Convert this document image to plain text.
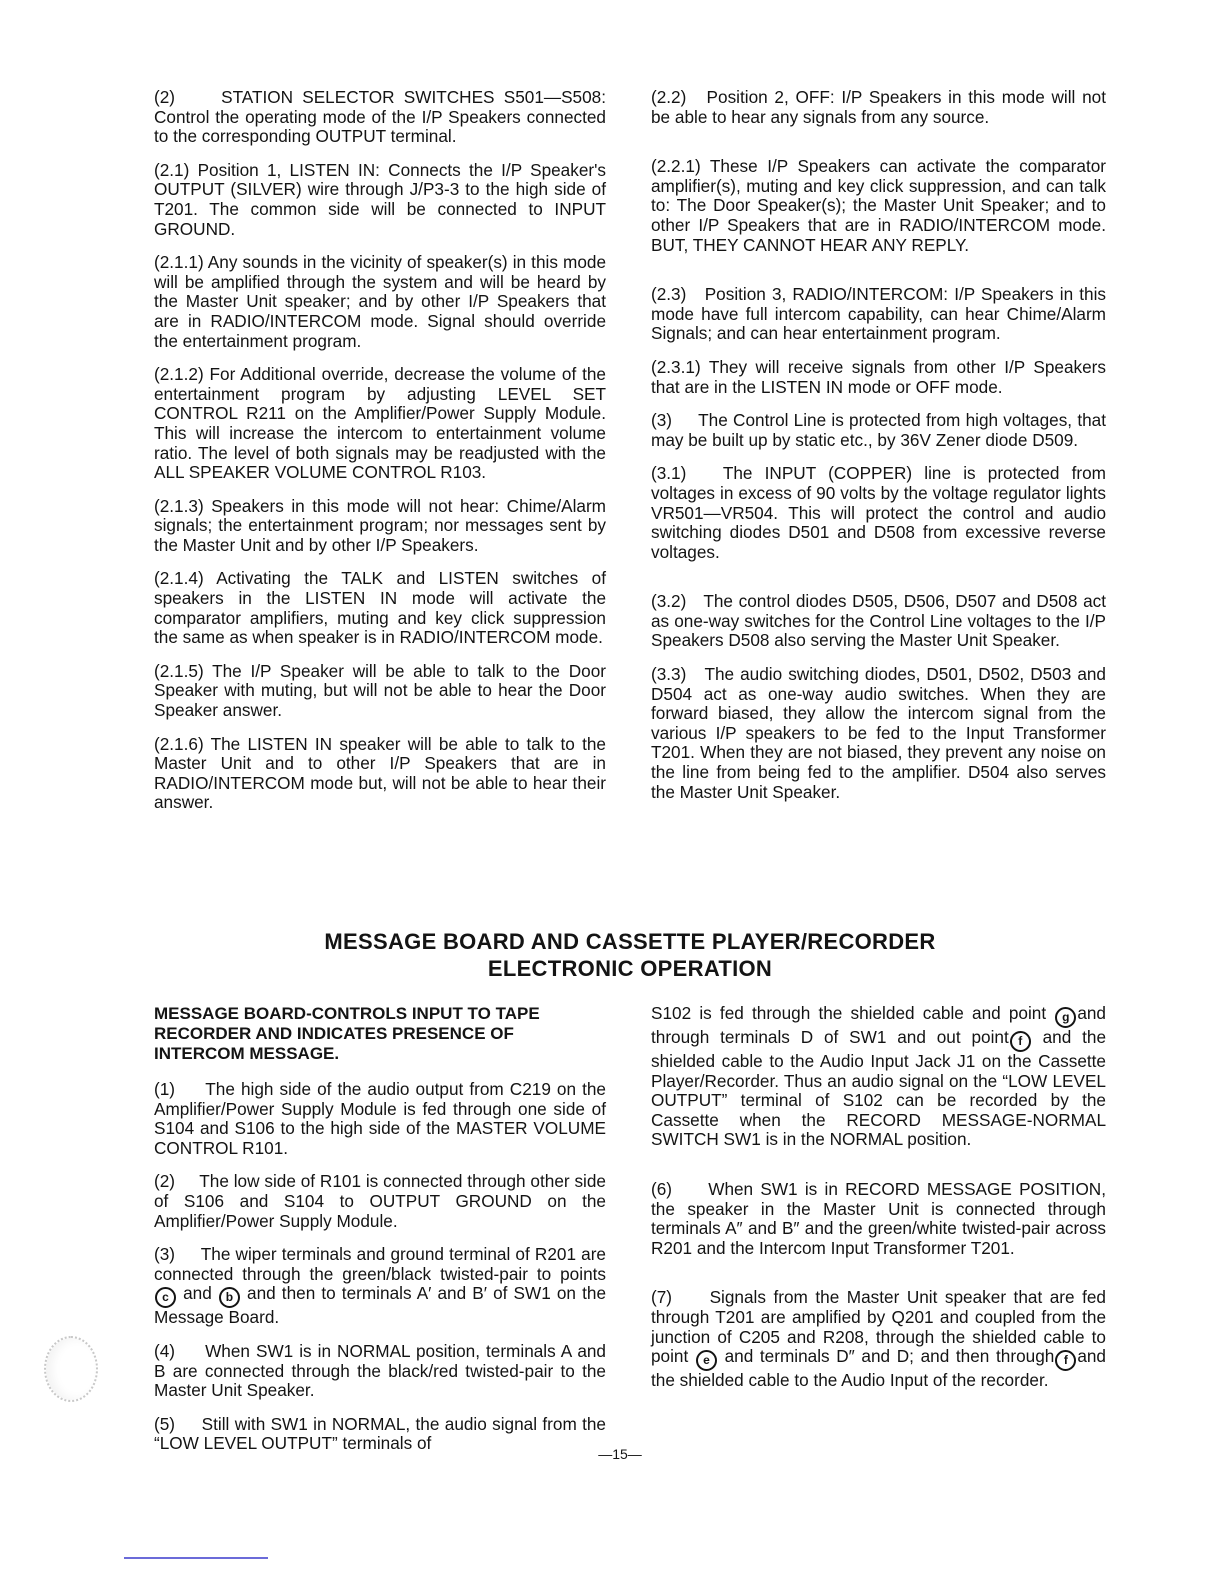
(2)     STATION SELECTOR SWITCHES S501—S508: Control the operating mode of the I/P Speakers connected to the corresponding OUTPUT terminal.

(2.1) Position 1, LISTEN IN: Connects the I/P Speaker's OUTPUT (SILVER) wire through J/P3-3 to the high side of T201. The common side will be connected to INPUT GROUND.

(2.1.1) Any sounds in the vicinity of speaker(s) in this mode will be amplified through the system and will be heard by the Master Unit speaker; and by other I/P Speakers that are in RADIO/INTERCOM mode. Signal should override the entertainment program.

(2.1.2) For Additional override, decrease the volume of the entertainment program by adjusting LEVEL SET CONTROL R211 on the Amplifier/Power Supply Module. This will increase the intercom to entertainment volume ratio. The level of both signals may be readjusted with the ALL SPEAKER VOLUME CONTROL R103.

(2.1.3) Speakers in this mode will not hear: Chime/Alarm signals; the entertainment program; nor messages sent by the Master Unit and by other I/P Speakers.

(2.1.4) Activating the TALK and LISTEN switches of speakers in the LISTEN IN mode will activate the comparator amplifiers, muting and key click suppression the same as when speaker is in RADIO/INTERCOM mode.

(2.1.5) The I/P Speaker will be able to talk to the Door Speaker with muting, but will not be able to hear the Door Speaker answer.

(2.1.6) The LISTEN IN speaker will be able to talk to the Master Unit and to other I/P Speakers that are in RADIO/INTERCOM mode but, will not be able to hear their answer.

(2.2)   Position 2, OFF: I/P Speakers in this mode will not be able to hear any signals from any source.

(2.2.1) These I/P Speakers can activate the comparator amplifier(s), muting and key click suppression, and can talk to: The Door Speaker(s); the Master Unit Speaker; and to other I/P Speakers that are in RADIO/INTERCOM mode. BUT, THEY CANNOT HEAR ANY REPLY.

(2.3)   Position 3, RADIO/INTERCOM: I/P Speakers in this mode have full intercom capability, can hear Chime/Alarm Signals; and can hear entertainment program.

(2.3.1) They will receive signals from other I/P Speakers that are in the LISTEN IN mode or OFF mode.

(3)     The Control Line is protected from high voltages, that may be built up by static etc., by 36V Zener diode D509.

(3.1)   The INPUT (COPPER) line is protected from voltages in excess of 90 volts by the voltage regulator lights VR501—VR504. This will protect the control and audio switching diodes D501 and D508 from excessive reverse voltages.

(3.2)   The control diodes D505, D506, D507 and D508 act as one-way switches for the Control Line voltages to the I/P Speakers D508 also serving the Master Unit Speaker.

(3.3)   The audio switching diodes, D501, D502, D503 and D504 act as one-way audio switches. When they are forward biased, they allow the intercom signal from the various I/P speakers to be fed to the Input Transformer T201. When they are not biased, they prevent any noise on the line from being fed to the amplifier. D504 also serves the Master Unit Speaker.

MESSAGE BOARD AND CASSETTE PLAYER/RECORDER
ELECTRONIC OPERATION

MESSAGE BOARD-CONTROLS INPUT TO TAPE RECORDER AND INDICATES PRESENCE OF INTERCOM MESSAGE.

(1)     The high side of the audio output from C219 on the Amplifier/Power Supply Module is fed through one side of S104 and S106 to the high side of the MASTER VOLUME CONTROL R101.

(2)     The low side of R101 is connected through other side of S106 and S104 to OUTPUT GROUND on the Amplifier/Power Supply Module.

(3)     The wiper terminals and ground terminal of R201 are connected through the green/black twisted-pair to points c and b and then to terminals A′ and B′ of SW1 on the Message Board.

(4)     When SW1 is in NORMAL position, terminals A and B are connected through the black/red twisted-pair to the Master Unit Speaker.

(5)     Still with SW1 in NORMAL, the audio signal from the “LOW LEVEL OUTPUT” terminals of

S102 is fed through the shielded cable and point g and through terminals D of SW1 and out point f and the shielded cable to the Audio Input Jack J1 on the Cassette Player/Recorder. Thus an audio signal on the “LOW LEVEL OUTPUT” terminal of S102 can be recorded by the Cassette when the RECORD MESSAGE-NORMAL SWITCH SW1 is in the NORMAL position.

(6)     When SW1 is in RECORD MESSAGE POSITION, the speaker in the Master Unit is connected through terminals A″ and B″ and the green/white twisted-pair across R201 and the Intercom Input Transformer T201.

(7)     Signals from the Master Unit speaker that are fed through T201 are amplified by Q201 and coupled from the junction of C205 and R208, through the shielded cable to point e and terminals D″ and D; and then through f and the shielded cable to the Audio Input of the recorder.

—15—
